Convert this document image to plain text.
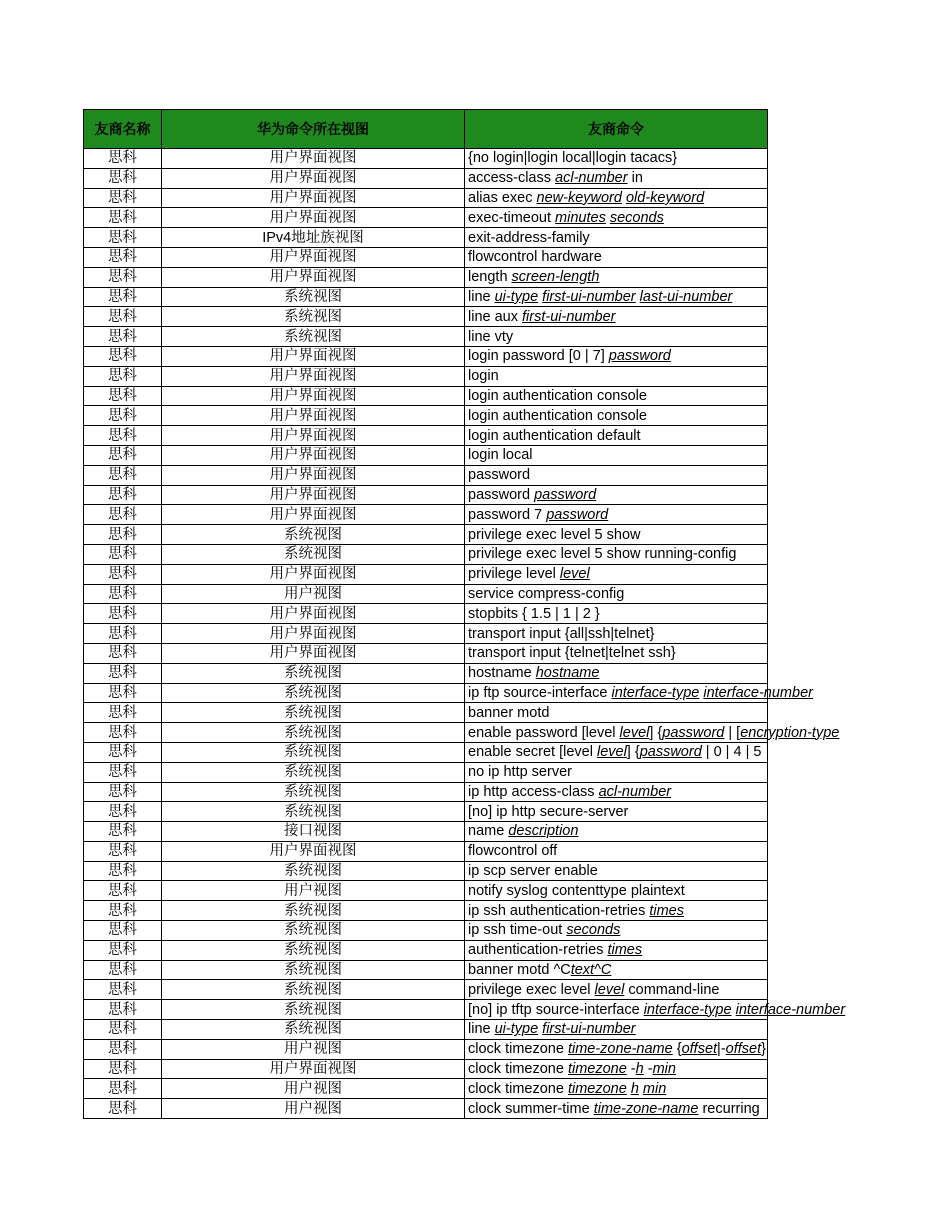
友商名称	华为命令所在视图	友商命令
思科	用户界面视图	{no login|login local|login tacacs}
思科	用户界面视图	access-class acl-number in
思科	用户界面视图	alias exec new-keyword old-keyword
思科	用户界面视图	exec-timeout minutes seconds
思科	IPv4地址族视图	exit-address-family
思科	用户界面视图	flowcontrol hardware
思科	用户界面视图	length screen-length
思科	系统视图	line ui-type first-ui-number last-ui-number
思科	系统视图	line aux first-ui-number
思科	系统视图	line vty
思科	用户界面视图	login password [0 | 7] password
思科	用户界面视图	login
思科	用户界面视图	login authentication console
思科	用户界面视图	login authentication console
思科	用户界面视图	login authentication default
思科	用户界面视图	login local
思科	用户界面视图	password
思科	用户界面视图	password password
思科	用户界面视图	password 7 password
思科	系统视图	privilege exec level 5 show
思科	系统视图	privilege exec level 5 show running-config
思科	用户界面视图	privilege level level
思科	用户视图	service compress-config
思科	用户界面视图	stopbits { 1.5 | 1 | 2 }
思科	用户界面视图	transport input {all|ssh|telnet}
思科	用户界面视图	transport input {telnet|telnet ssh}
思科	系统视图	hostname hostname
思科	系统视图	ip ftp source-interface interface-type interface-number
思科	系统视图	banner motd
思科	系统视图	enable password [level level] {password | [encryption-type
思科	系统视图	enable secret [level level] {password | 0 | 4 | 5
思科	系统视图	no ip http server
思科	系统视图	ip http access-class acl-number
思科	系统视图	[no] ip http secure-server
思科	接口视图	name description
思科	用户界面视图	flowcontrol off
思科	系统视图	ip scp server enable
思科	用户视图	notify syslog contenttype plaintext
思科	系统视图	ip ssh authentication-retries times
思科	系统视图	ip ssh time-out seconds
思科	系统视图	authentication-retries times
思科	系统视图	banner motd ^Ctext^C
思科	系统视图	privilege exec level level command-line
思科	系统视图	[no] ip tftp source-interface interface-type interface-number
思科	系统视图	line ui-type first-ui-number
思科	用户视图	clock timezone time-zone-name {offset|-offset}
思科	用户界面视图	clock timezone timezone -h -min
思科	用户视图	clock timezone timezone h min
思科	用户视图	clock summer-time time-zone-name recurring
